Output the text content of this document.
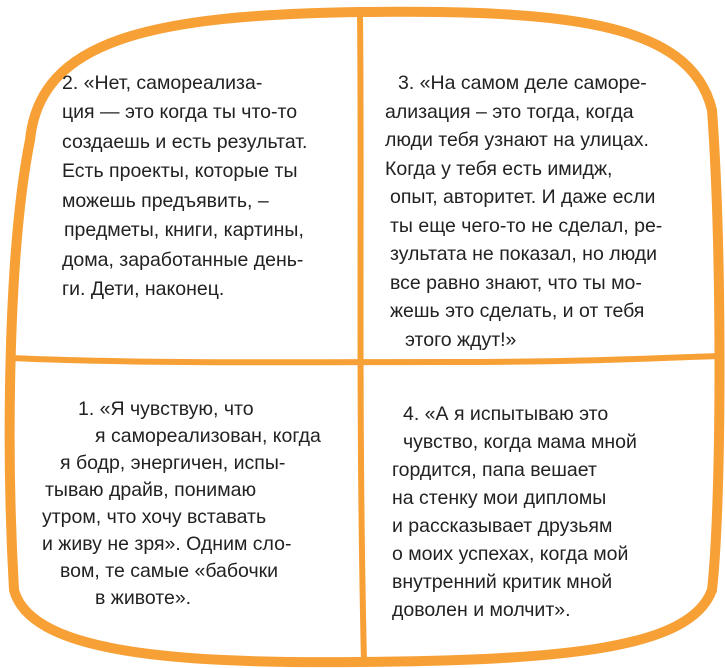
2. «Нет, самореализа-
ция — это когда ты что-то
создаешь и есть результат.
Есть проекты, которые ты
можешь предъявить, –
предметы, книги, картины,
дома, заработанные день-
ги. Дети, наконец.
3. «На самом деле саморе-
ализация – это тогда, когда
люди тебя узнают на улицах.
Когда у тебя есть имидж,
опыт, авторитет. И даже если
ты еще чего-то не сделал, ре-
зультата не показал, но люди
все равно знают, что ты мо-
жешь это сделать, и от тебя
этого ждут!»
1. «Я чувствую, что
я самореализован, когда
я бодр, энергичен, испы-
тываю драйв, понимаю
утром, что хочу вставать
и живу не зря». Одним сло-
вом, те самые «бабочки
в животе».
4. «А я испытываю это
чувство, когда мама мной
гордится, папа вешает
на стенку мои дипломы
и рассказывает друзьям
о моих успехах, когда мой
внутренний критик мной
доволен и молчит».
